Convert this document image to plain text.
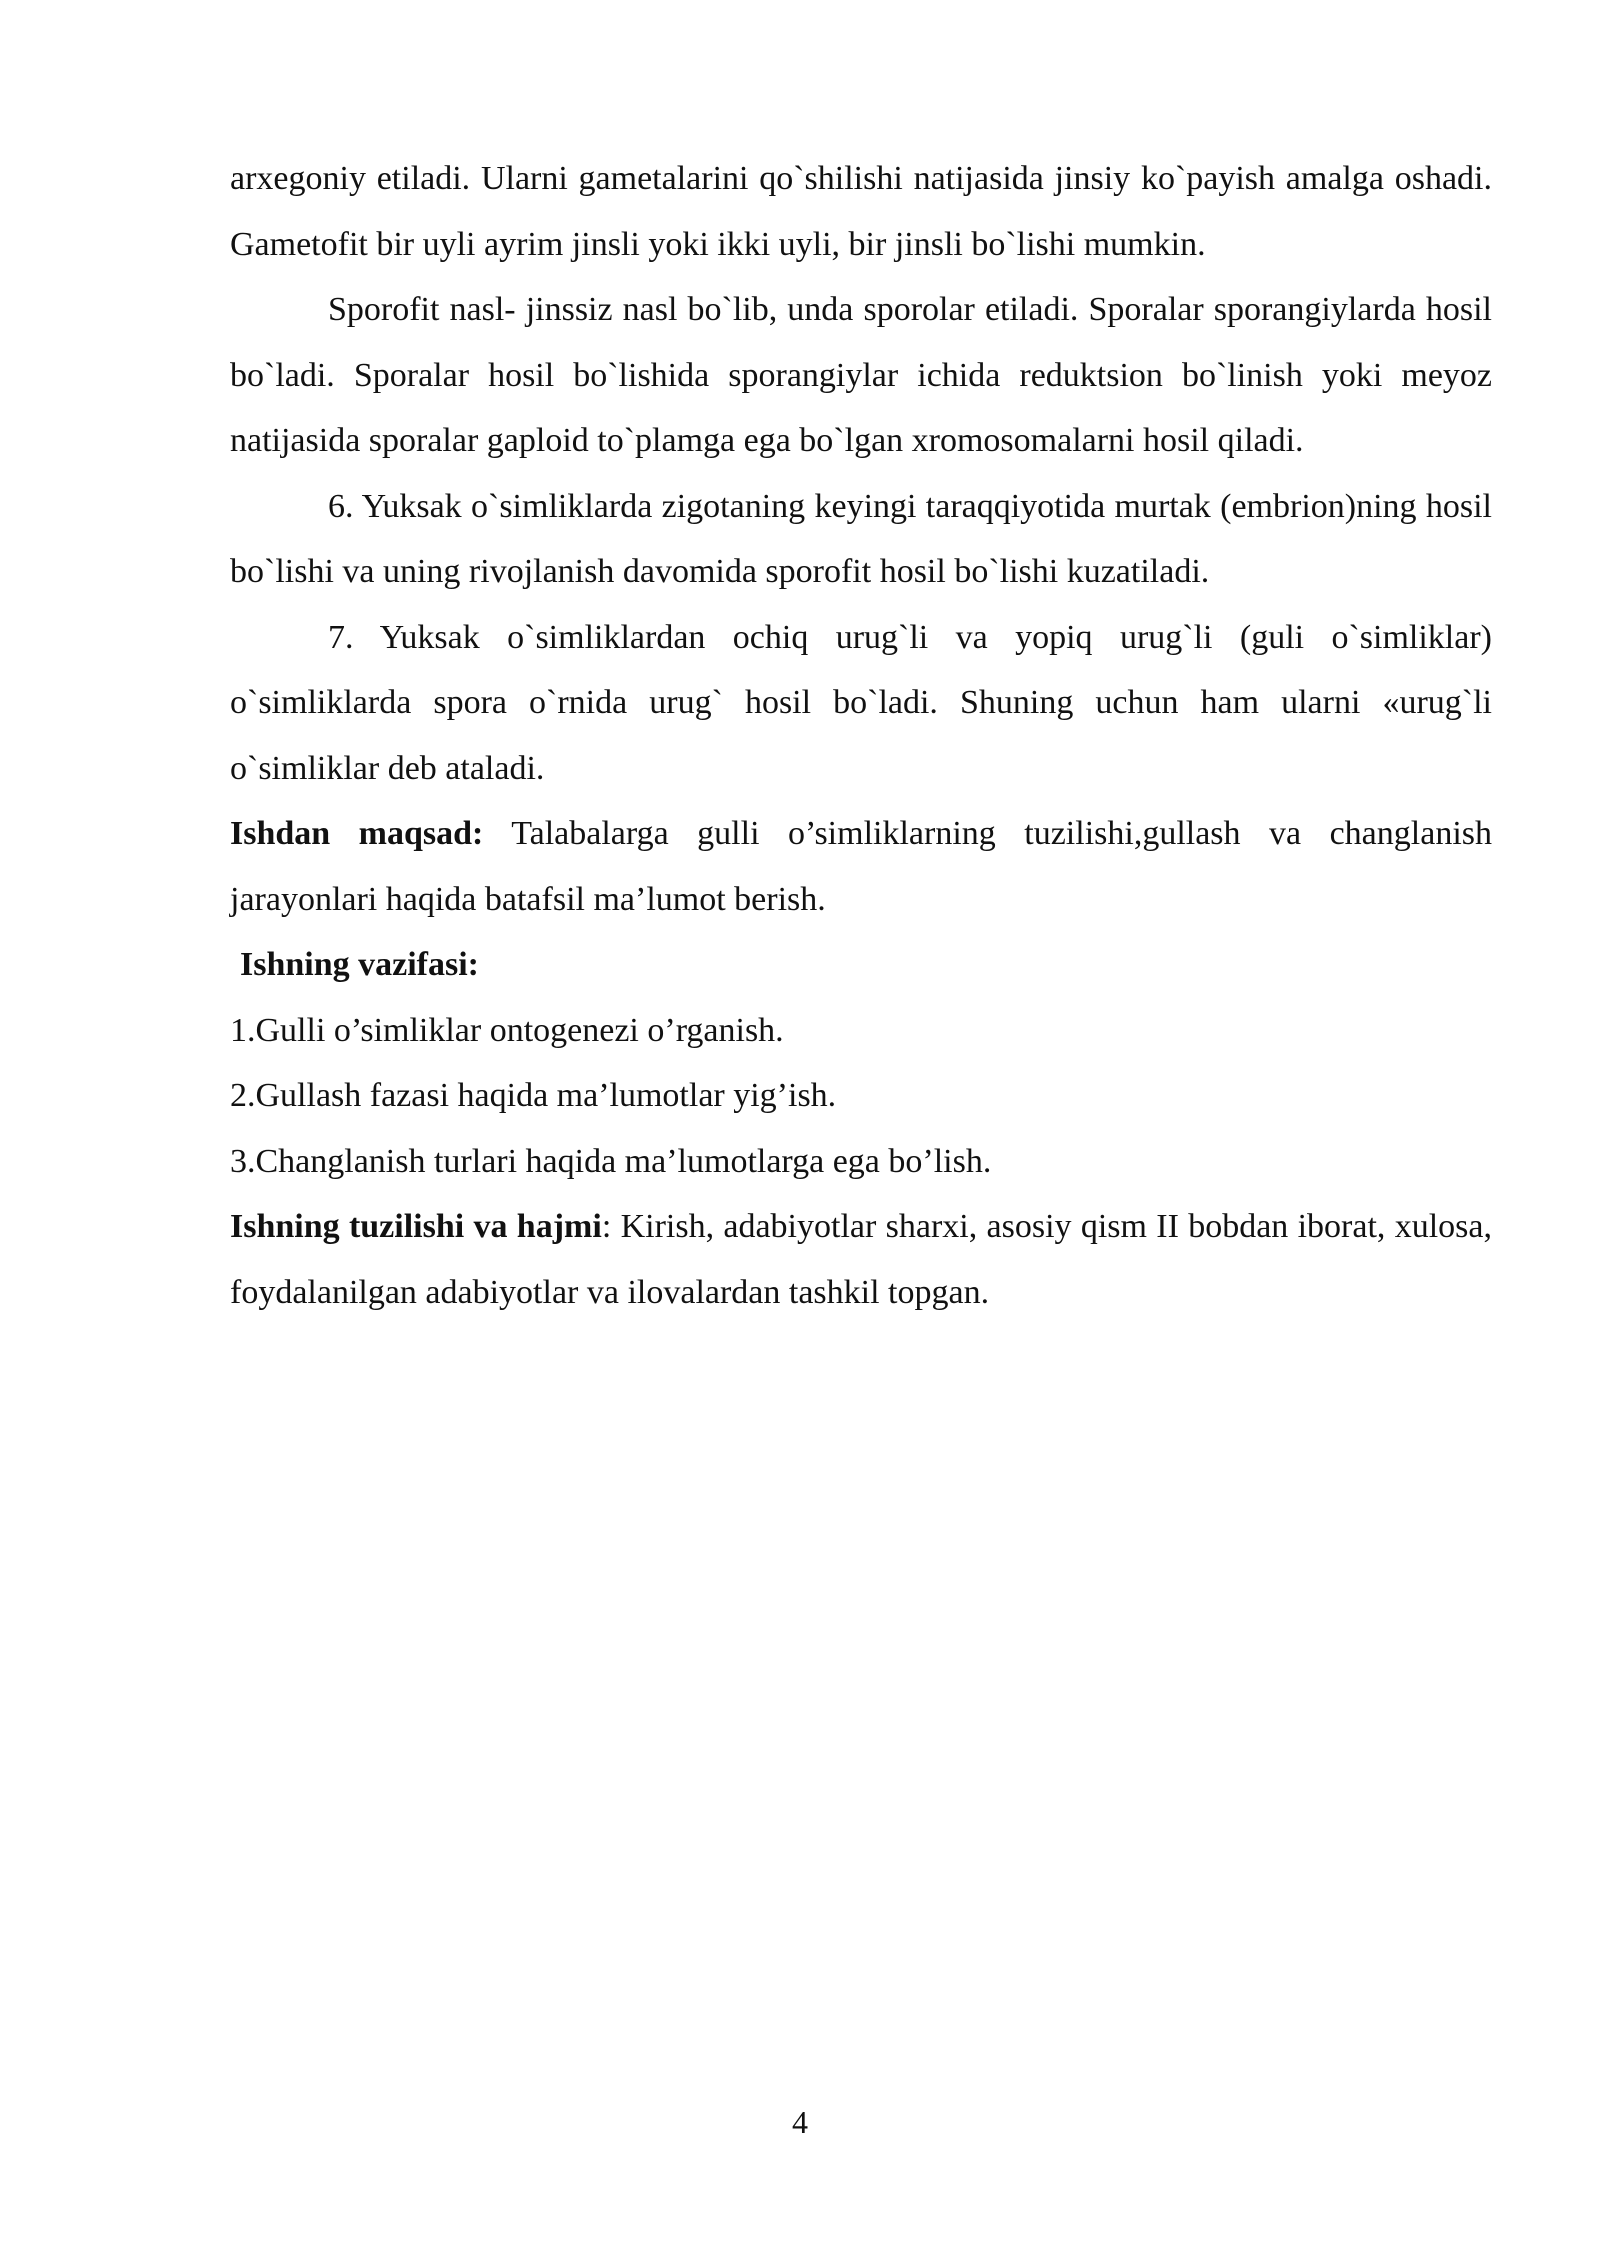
arxegoniy etiladi. Ularni gametalarini qo`shilishi natijasida jinsiy ko`payish amalga oshadi. Gametofit bir uyli ayrim jinsli yoki ikki uyli, bir jinsli bo`lishi mumkin.

Sporofit nasl- jinssiz nasl bo`lib, unda sporolar etiladi. Sporalar sporangiylarda hosil bo`ladi. Sporalar hosil bo`lishida sporangiylar ichida reduktsion bo`linish yoki meyoz natijasida sporalar gaploid to`plamga ega bo`lgan xromosomalarni hosil qiladi.

6. Yuksak o`simliklarda zigotaning keyingi taraqqiyotida murtak (embrion)ning hosil bo`lishi va uning rivojlanish davomida sporofit hosil bo`lishi kuzatiladi.

7. Yuksak o`simliklardan ochiq urug`li va yopiq urug`li (guli o`simliklar) o`simliklarda spora o`rnida urug` hosil bo`ladi. Shuning uchun ham ularni «urug`li o`simliklar deb ataladi.

Ishdan maqsad: Talabalarga gulli o’simliklarning tuzilishi,gullash va changlanish jarayonlari haqida batafsil ma’lumot berish.

Ishning vazifasi:

1.Gulli o’simliklar ontogenezi o’rganish.

2.Gullash fazasi haqida ma’lumotlar yig’ish.

3.Changlanish turlari haqida ma’lumotlarga ega bo’lish.

Ishning tuzilishi va hajmi: Kirish, adabiyotlar sharxi, asosiy qism II bobdan iborat, xulosa, foydalanilgan adabiyotlar va ilovalardan tashkil topgan.

4
